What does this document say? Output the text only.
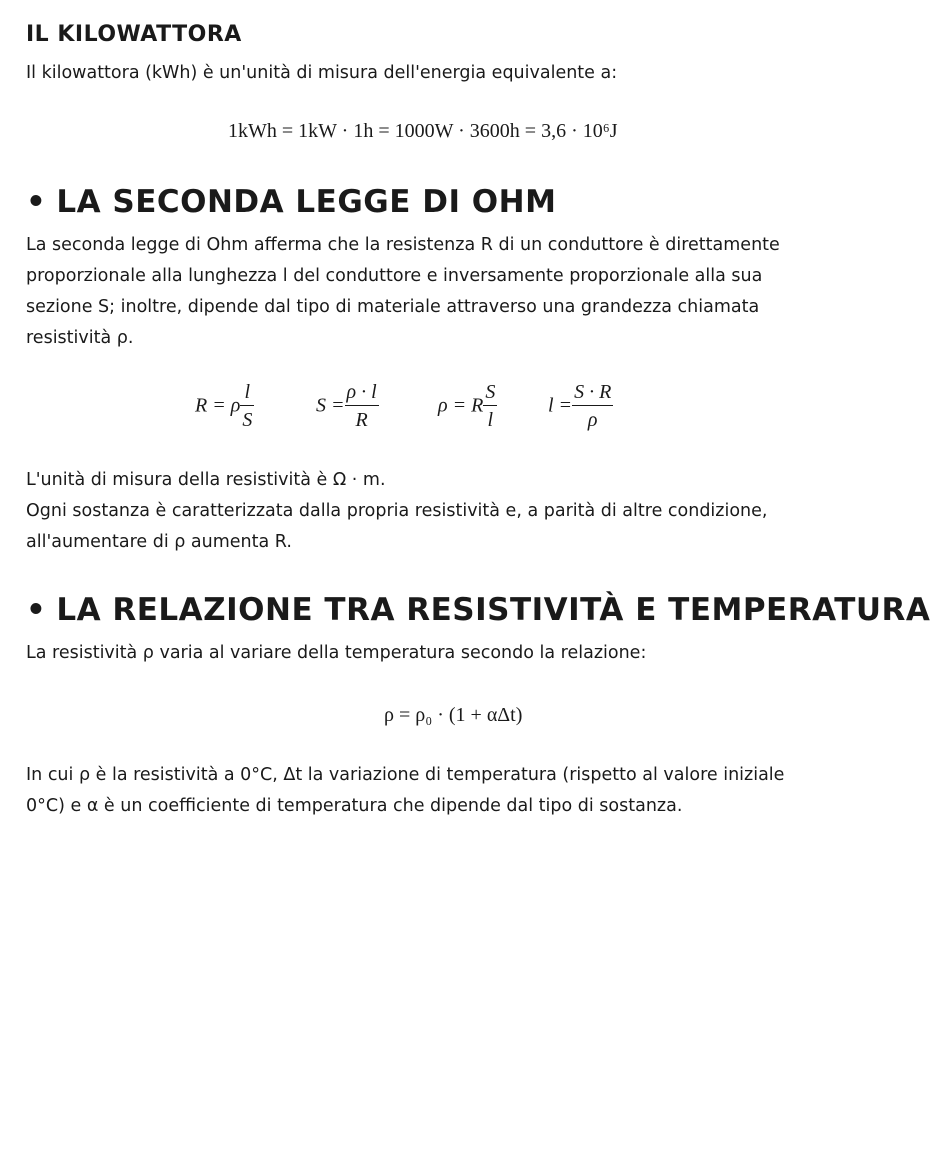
IL KILOWATTORA
Il kilowattora (kWh) è un'unità di misura dell'energia equivalente a:
1kWh = 1kW · 1h = 1000W · 3600h = 3,6 · 10⁶J
• LA SECONDA LEGGE DI OHM
La seconda legge di Ohm afferma che la resistenza R di un conduttore è direttamente proporzionale alla lunghezza l del conduttore e inversamente proporzionale alla sua sezione S; inoltre, dipende dal tipo di materiale attraverso una grandezza chiamata resistività ρ.
R = ρ $\frac{l}{S}$	$S = \frac{\rho \cdot l}{R}$	ρ = R $\frac{S}{l}$	$l = \frac{S \cdot R}{\rho}$
L'unità di misura della resistività è Ω · m.
Ogni sostanza è caratterizzata dalla propria resistività e, a parità di altre condizione, all'aumentare di ρ aumenta R.
• LA RELAZIONE TRA RESISTIVITÀ E TEMPERATURA
La resistività ρ varia al variare della temperatura secondo la relazione:
ρ = ρ₀ · (1 + αΔt)
In cui ρ è la resistività a 0°C, Δt la variazione di temperatura (rispetto al valore iniziale 0°C) e α è un coefficiente di temperatura che dipende dal tipo di sostanza.
